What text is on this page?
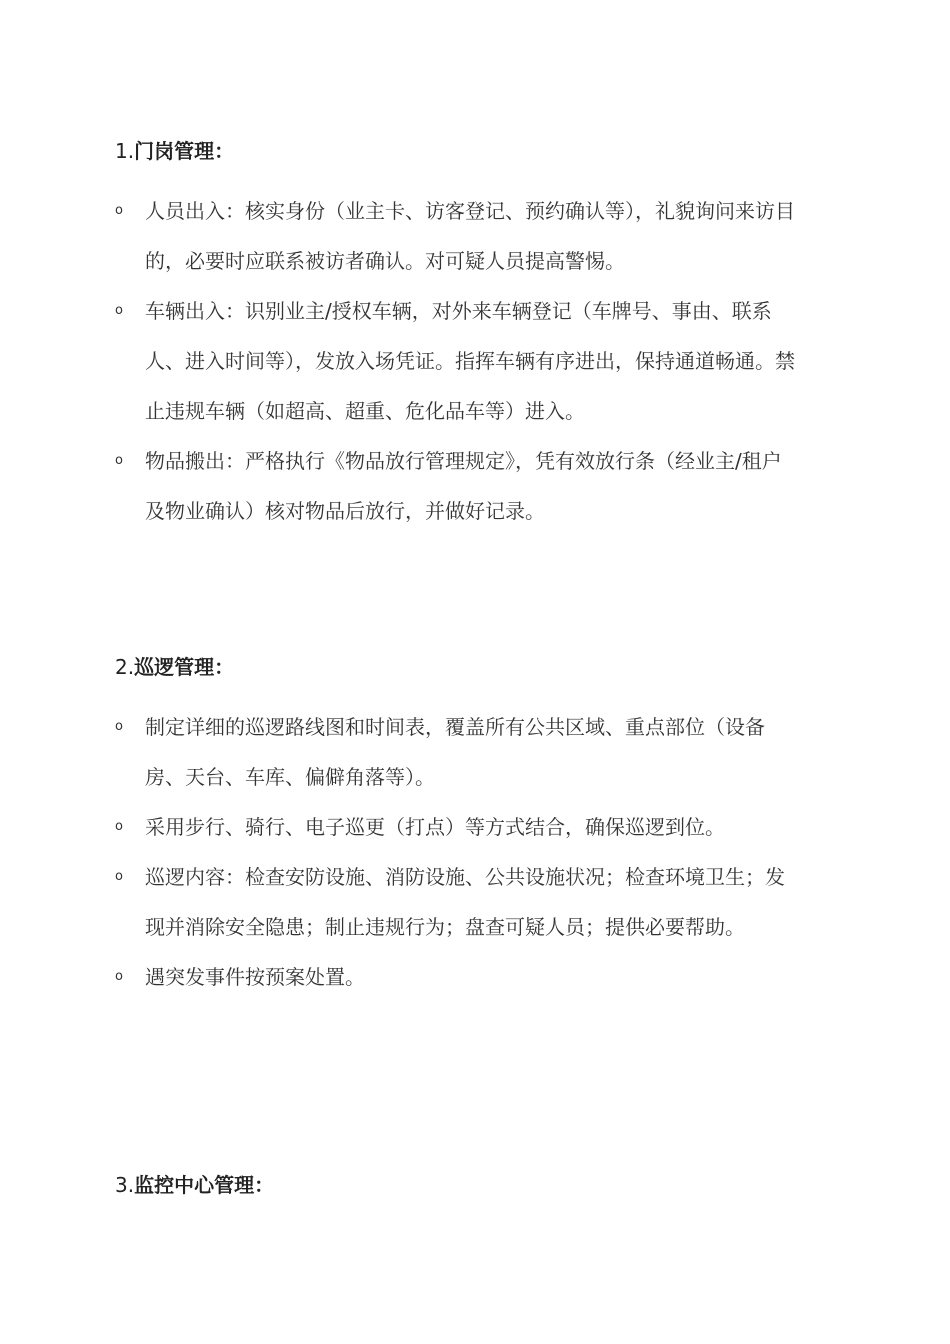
1.门岗管理：
o	人员出入：核实身份（业主卡、访客登记、预约确认等），礼貌询问来访目的，必要时应联系被访者确认。对可疑人员提高警惕。
o	车辆出入：识别业主/授权车辆，对外来车辆登记（车牌号、事由、联系人、进入时间等），发放入场凭证。指挥车辆有序进出，保持通道畅通。禁止违规车辆（如超高、超重、危化品车等）进入。
o	物品搬出：严格执行《物品放行管理规定》，凭有效放行条（经业主/租户及物业确认）核对物品后放行，并做好记录。
2.巡逻管理：
o	制定详细的巡逻路线图和时间表，覆盖所有公共区域、重点部位（设备房、天台、车库、偏僻角落等）。
o	采用步行、骑行、电子巡更（打点）等方式结合，确保巡逻到位。
o	巡逻内容：检查安防设施、消防设施、公共设施状况；检查环境卫生；发现并消除安全隐患；制止违规行为；盘查可疑人员；提供必要帮助。
o	遇突发事件按预案处置。
3.监控中心管理：
